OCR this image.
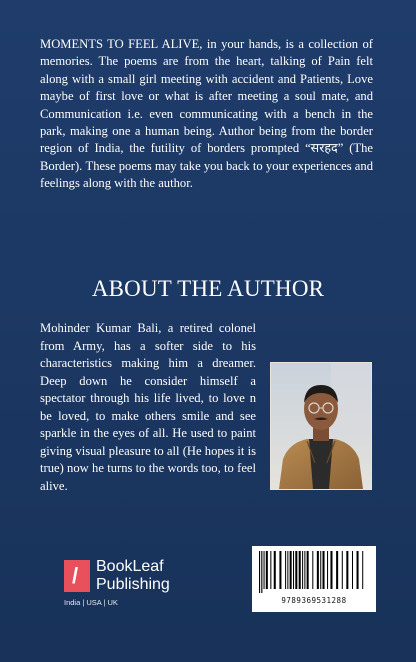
MOMENTS TO FEEL ALIVE, in your hands, is a collection of memories. The poems are from the heart, talking of Pain felt along with a small girl meeting with accident and Patients, Love maybe of first love or what is after meeting a soul mate, and Communication i.e. even communicating with a bench in the park, making one a human being. Author being from the border region of India, the futility of borders prompted “सरहद” (The Border). These poems may take you back to your experiences and feelings along with the author.

ABOUT THE AUTHOR

Mohinder Kumar Bali, a retired colonel from Army, has a softer side to his characteristics making him a dreamer. Deep down he consider himself a spectator through his life lived, to love n be loved, to make others smile and see sparkle in the eyes of all. He used to paint giving visual pleasure to all (He hopes it is true) now he turns to the words too, to feel alive.

/ BookLeaf
Publishing
India | USA | UK	9789369531288
